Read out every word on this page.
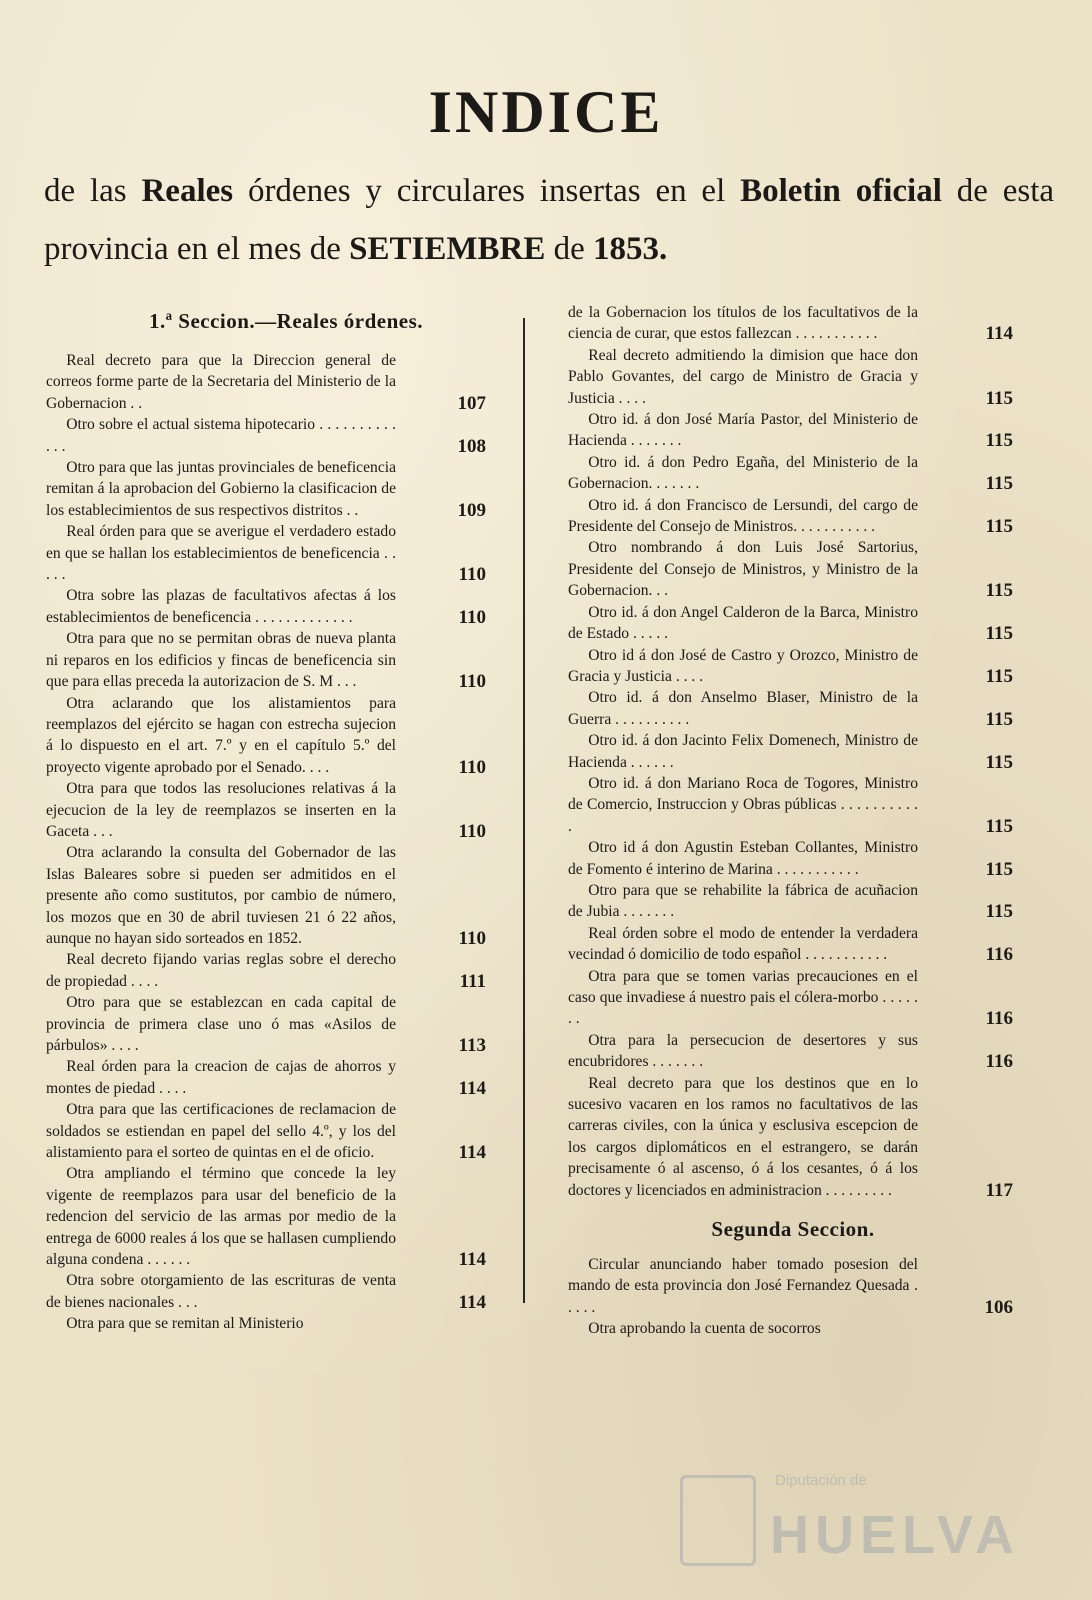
INDICE

de las Reales órdenes y circulares insertas en el Boletin oficial de esta provincia en el mes de SETIEMBRE de 1853.

1.ª Seccion.—Reales órdenes.

Real decreto para que la Direccion general de correos forme parte de la Secretaria del Ministerio de la Gobernacion . .	107

Otro sobre el actual sistema hipotecario . . . . . . . . . . . . .	108

Otro para que las juntas provinciales de beneficencia remitan á la aprobacion del Gobierno la clasificacion de los establecimientos de sus respectivos distritos . .	109

Real órden para que se averigue el verdadero estado en que se hallan los establecimientos de beneficencia . . . . .	110

Otra sobre las plazas de facultativos afectas á los establecimientos de beneficencia . . . . . . . . . . . . .	110

Otra para que no se permitan obras de nueva planta ni reparos en los edificios y fincas de beneficencia sin que para ellas preceda la autorizacion de S. M . . .	110

Otra aclarando que los alistamientos para reemplazos del ejército se hagan con estrecha sujecion á lo dispuesto en el art. 7.º y en el capítulo 5.º del proyecto vigente aprobado por el Senado. . . .	110

Otra para que todos las resoluciones relativas á la ejecucion de la ley de reemplazos se inserten en la Gaceta . . .	110

Otra aclarando la consulta del Gobernador de las Islas Baleares sobre si pueden ser admitidos en el presente año como sustitutos, por cambio de número, los mozos que en 30 de abril tuviesen 21 ó 22 años, aunque no hayan sido sorteados en 1852.	110

Real decreto fijando varias reglas sobre el derecho de propiedad . . . .	111

Otro para que se establezcan en cada capital de provincia de primera clase uno ó mas «Asilos de párbulos» . . . .	113

Real órden para la creacion de cajas de ahorros y montes de piedad . . . .	114

Otra para que las certificaciones de reclamacion de soldados se estiendan en papel del sello 4.º, y los del alistamiento para el sorteo de quintas en el de oficio.	114

Otra ampliando el término que concede la ley vigente de reemplazos para usar del beneficio de la redencion del servicio de las armas por medio de la entrega de 6000 reales á los que se hallasen cumpliendo alguna condena . . . . . .	114

Otra sobre otorgamiento de las escrituras de venta de bienes nacionales . . .	114

Otra para que se remitan al Ministerio

de la Gobernacion los títulos de los facultativos de la ciencia de curar, que estos fallezcan . . . . . . . . . . .	114

Real decreto admitiendo la dimision que hace don Pablo Govantes, del cargo de Ministro de Gracia y Justicia . . . .	115

Otro id. á don José María Pastor, del Ministerio de Hacienda . . . . . . .	115

Otro id. á don Pedro Egaña, del Ministerio de la Gobernacion. . . . . . .	115

Otro id. á don Francisco de Lersundi, del cargo de Presidente del Consejo de Ministros. . . . . . . . . . .	115

Otro nombrando á don Luis José Sartorius, Presidente del Consejo de Ministros, y Ministro de la Gobernacion. . .	115

Otro id. á don Angel Calderon de la Barca, Ministro de Estado . . . . .	115

Otro id á don José de Castro y Orozco, Ministro de Gracia y Justicia . . . .	115

Otro id. á don Anselmo Blaser, Ministro de la Guerra . . . . . . . . . .	115

Otro id. á don Jacinto Felix Domenech, Ministro de Hacienda . . . . . .	115

Otro id. á don Mariano Roca de Togores, Ministro de Comercio, Instruccion y Obras públicas . . . . . . . . . . .	115

Otro id á don Agustin Esteban Collantes, Ministro de Fomento é interino de Marina . . . . . . . . . . .	115

Otro para que se rehabilite la fábrica de acuñacion de Jubia . . . . . . .	115

Real órden sobre el modo de entender la verdadera vecindad ó domicilio de todo español . . . . . . . . . . .	116

Otra para que se tomen varias precauciones en el caso que invadiese á nuestro pais el cólera-morbo . . . . . . .	116

Otra para la persecucion de desertores y sus encubridores . . . . . . .	116

Real decreto para que los destinos que en lo sucesivo vacaren en los ramos no facultativos de las carreras civiles, con la única y esclusiva escepcion de los cargos diplomáticos en el estrangero, se darán precisamente ó al ascenso, ó á los cesantes, ó á los doctores y licenciados en administracion . . . . . . . . .	117
Segunda Seccion.

Circular anunciando haber tomado posesion del mando de esta provincia don José Fernandez Quesada . . . . .	106

Otra aprobando la cuenta de socorros

Diputación de
HUELVA
